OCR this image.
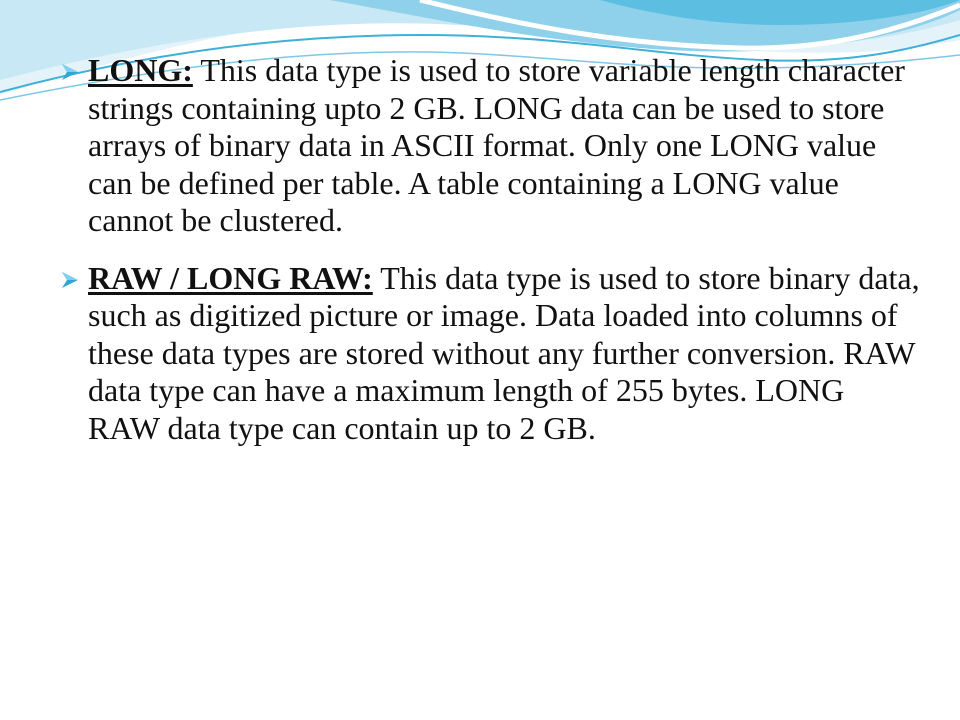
LONG: This data type is used to store variable length character strings containing upto 2 GB. LONG data can be used to store arrays of binary data in ASCII format. Only one LONG value can be defined per table. A table containing a LONG value cannot be clustered.
RAW / LONG RAW: This data type is used to store binary data, such as digitized picture or image. Data loaded into columns of these data types are stored without any further conversion. RAW data type can have a maximum length of 255 bytes. LONG RAW data type can contain up to 2 GB.
